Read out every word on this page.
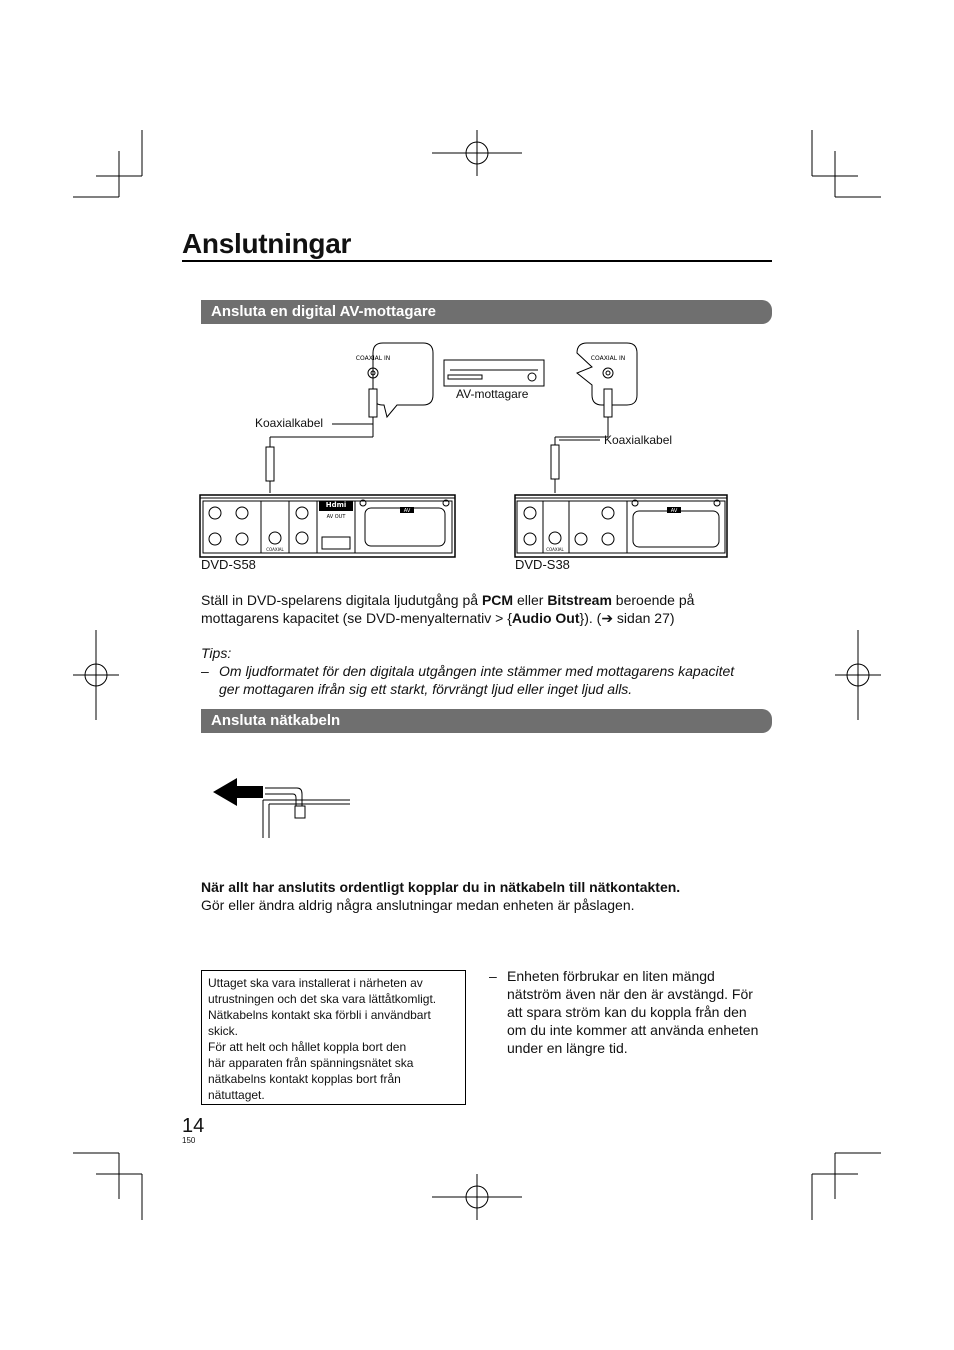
Anslutningar
Ansluta en digital AV-mottagare
COAXIAL IN	COAXIAL IN
Hdmi
AV OUT
AV	AV
COAXIAL	COAXIAL
AV-mottagare
Koaxialkabel
Koaxialkabel
DVD-S58	DVD-S38
Ställ in DVD-spelarens digitala ljudutgång på PCM eller Bitstream beroende på
mottagarens kapacitet (se DVD-menyalternativ > {Audio Out}). (➔ sidan 27)
Tips:
– Om ljudformatet för den digitala utgången inte stämmer med mottagarens kapacitet
ger mottagaren ifrån sig ett starkt, förvrängt ljud eller inget ljud alls.
Ansluta nätkabeln
När allt har anslutits ordentligt kopplar du in nätkabeln till nätkontakten.
Gör eller ändra aldrig några anslutningar medan enheten är påslagen.
Uttaget ska vara installerat i närheten av
utrustningen och det ska vara lättåtkomligt.
Nätkabelns kontakt ska förbli i användbart
skick.
För att helt och hållet koppla bort den
här apparaten från spänningsnätet ska
nätkabelns kontakt kopplas bort från
nätuttaget.
– Enheten förbrukar en liten mängd
nätström även när den är avstängd. För
att spara ström kan du koppla från den
om du inte kommer att använda enheten
under en längre tid.
14
150
